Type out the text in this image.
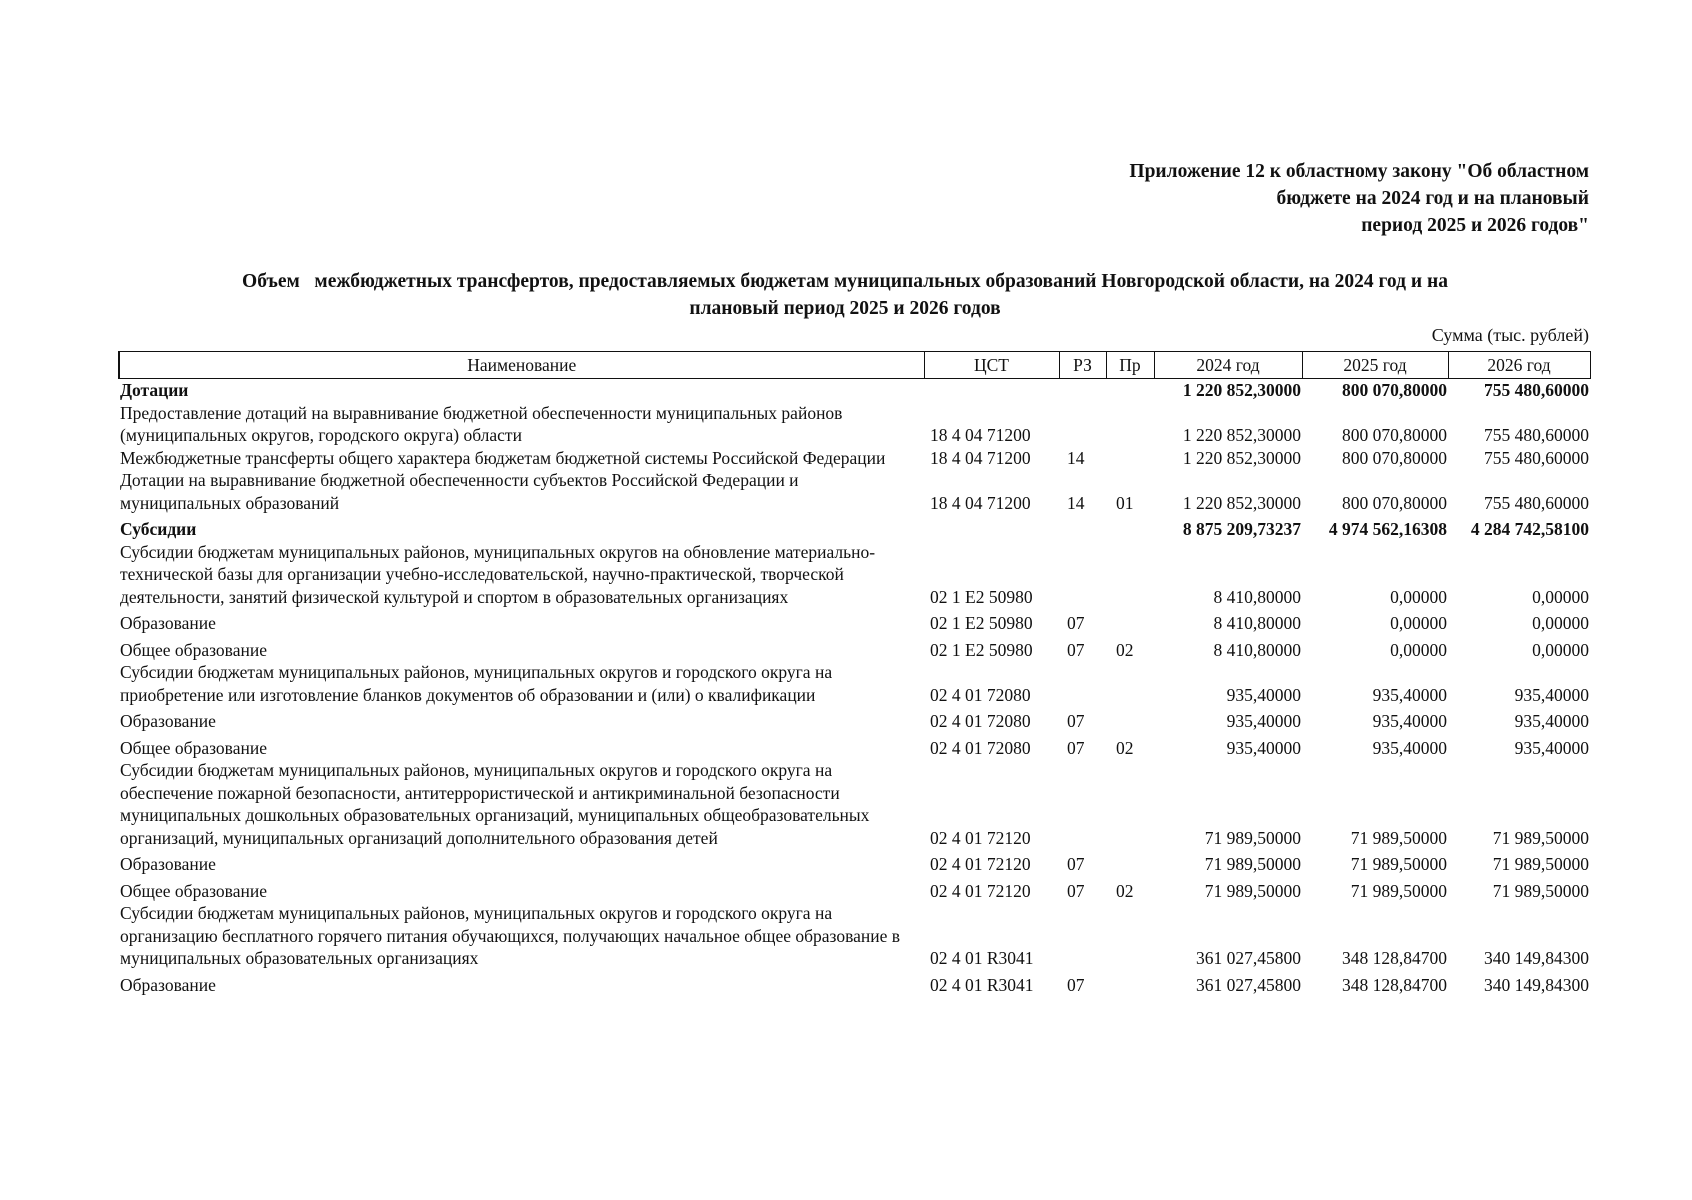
Приложение 12 к областному закону "Об областном
бюджете на 2024 год и на плановый
период 2025 и 2026 годов"
Объем   межбюджетных трансфертов, предоставляемых бюджетам муниципальных образований Новгородской области, на 2024 год и на
плановый период 2025 и 2026 годов
Сумма (тыс. рублей)
Наименование	ЦСТ	РЗ	Пр	2024 год	2025 год	2026 год
Дотации				1 220 852,30000	800 070,80000	755 480,60000
Предоставление дотаций на выравнивание бюджетной обеспеченности муниципальных районов (муниципальных округов, городского округа) области	18 4 04 71200			1 220 852,30000	800 070,80000	755 480,60000
Межбюджетные трансферты общего характера бюджетам бюджетной системы Российской Федерации	18 4 04 71200	14		1 220 852,30000	800 070,80000	755 480,60000
Дотации на выравнивание бюджетной обеспеченности субъектов Российской Федерации и муниципальных образований	18 4 04 71200	14	01	1 220 852,30000	800 070,80000	755 480,60000
Субсидии				8 875 209,73237	4 974 562,16308	4 284 742,58100
Субсидии бюджетам муниципальных районов, муниципальных округов на обновление материально-технической базы для организации учебно-исследовательской, научно-практической, творческой деятельности, занятий физической культурой и спортом в образовательных организациях	02 1 E2 50980			8 410,80000	0,00000	0,00000
Образование	02 1 E2 50980	07		8 410,80000	0,00000	0,00000
Общее образование	02 1 E2 50980	07	02	8 410,80000	0,00000	0,00000
Субсидии бюджетам муниципальных районов, муниципальных округов и городского округа на приобретение или изготовление бланков документов об образовании и (или) о квалификации	02 4 01 72080			935,40000	935,40000	935,40000
Образование	02 4 01 72080	07		935,40000	935,40000	935,40000
Общее образование	02 4 01 72080	07	02	935,40000	935,40000	935,40000
Субсидии бюджетам муниципальных районов, муниципальных округов и городского округа на обеспечение пожарной безопасности, антитеррористической и антикриминальной безопасности муниципальных дошкольных образовательных организаций, муниципальных общеобразовательных организаций, муниципальных организаций дополнительного образования детей	02 4 01 72120			71 989,50000	71 989,50000	71 989,50000
Образование	02 4 01 72120	07		71 989,50000	71 989,50000	71 989,50000
Общее образование	02 4 01 72120	07	02	71 989,50000	71 989,50000	71 989,50000
Субсидии бюджетам муниципальных районов, муниципальных округов и городского округа на организацию бесплатного горячего питания обучающихся, получающих начальное общее образование в муниципальных образовательных организациях	02 4 01 R3041			361 027,45800	348 128,84700	340 149,84300
Образование	02 4 01 R3041	07		361 027,45800	348 128,84700	340 149,84300
